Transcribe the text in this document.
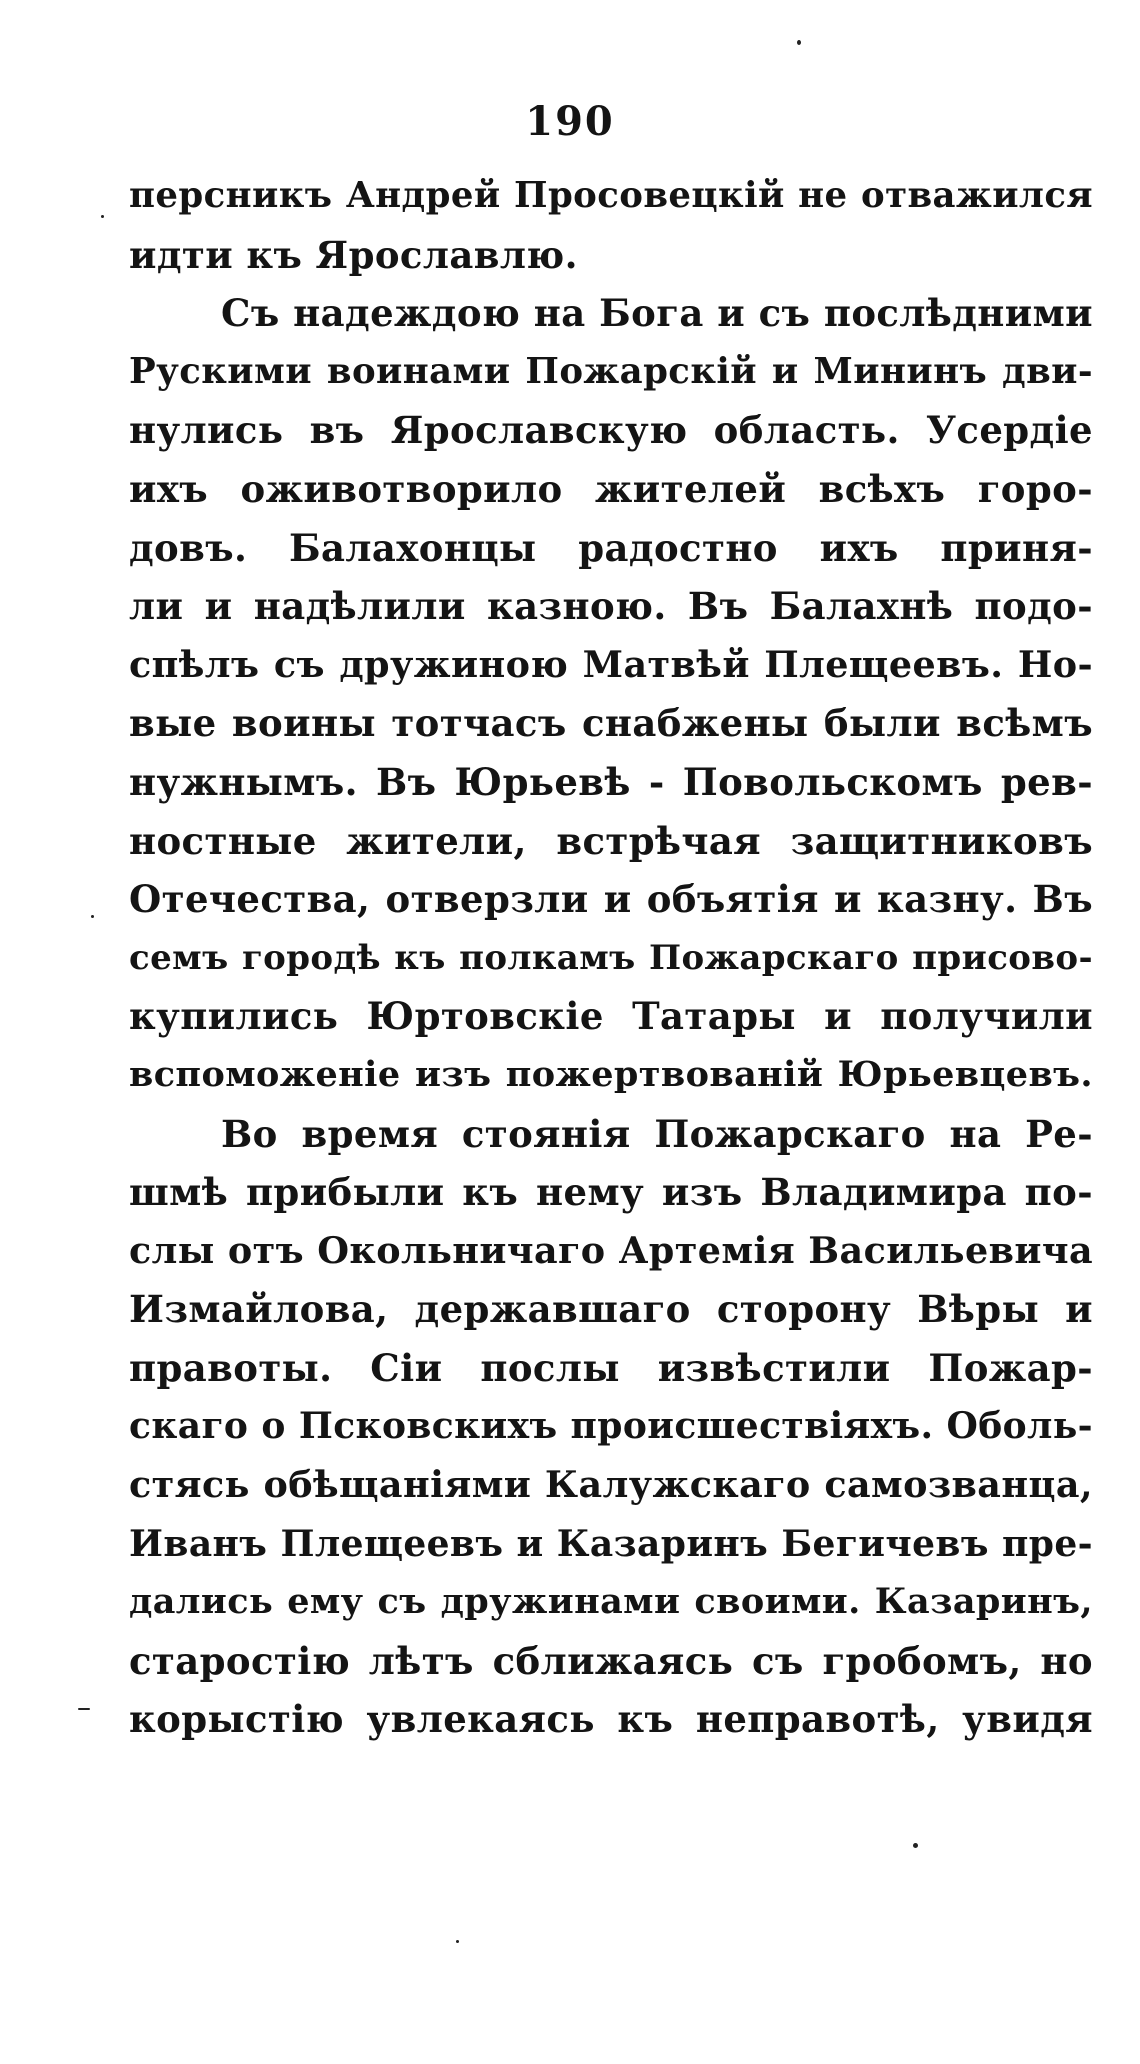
190
персникъ Андрей Просовецкій не отважился
идти къ Ярославлю.
Съ надеждою на Бога и съ послѣдними
Рускими воинами Пожарскій и Мининъ дви-
нулись въ Ярославскую область. Усердіе
ихъ оживотворило жителей всѣхъ горо-
довъ. Балахонцы радостно ихъ приня-
ли и надѣлили казною. Въ Балахнѣ подо-
спѣлъ съ дружиною Матвѣй Плещеевъ. Но-
вые воины тотчасъ снабжены были всѣмъ
нужнымъ. Въ Юрьевѣ - Повольскомъ рев-
ностные жители, встрѣчая защитниковъ
Отечества, отверзли и объятія и казну. Въ
семъ городѣ къ полкамъ Пожарскаго присово-
купились Юртовскіе Татары и получили
вспоможеніе изъ пожертвованій Юрьевцевъ.
Во время стоянія Пожарскаго на Ре-
шмѣ прибыли къ нему изъ Владимира по-
слы отъ Окольничаго Артемія Васильевича
Измайлова, державшаго сторону Вѣры и
правоты. Сіи послы извѣстили Пожар-
скаго о Псковскихъ происшествіяхъ. Оболь-
стясь обѣщаніями Калужскаго самозванца,
Иванъ Плещеевъ и Казаринъ Бегичевъ пре-
дались ему съ дружинами своими. Казаринъ,
старостію лѣтъ сближаясь съ гробомъ, но
корыстію увлекаясь къ неправотѣ, увидя
